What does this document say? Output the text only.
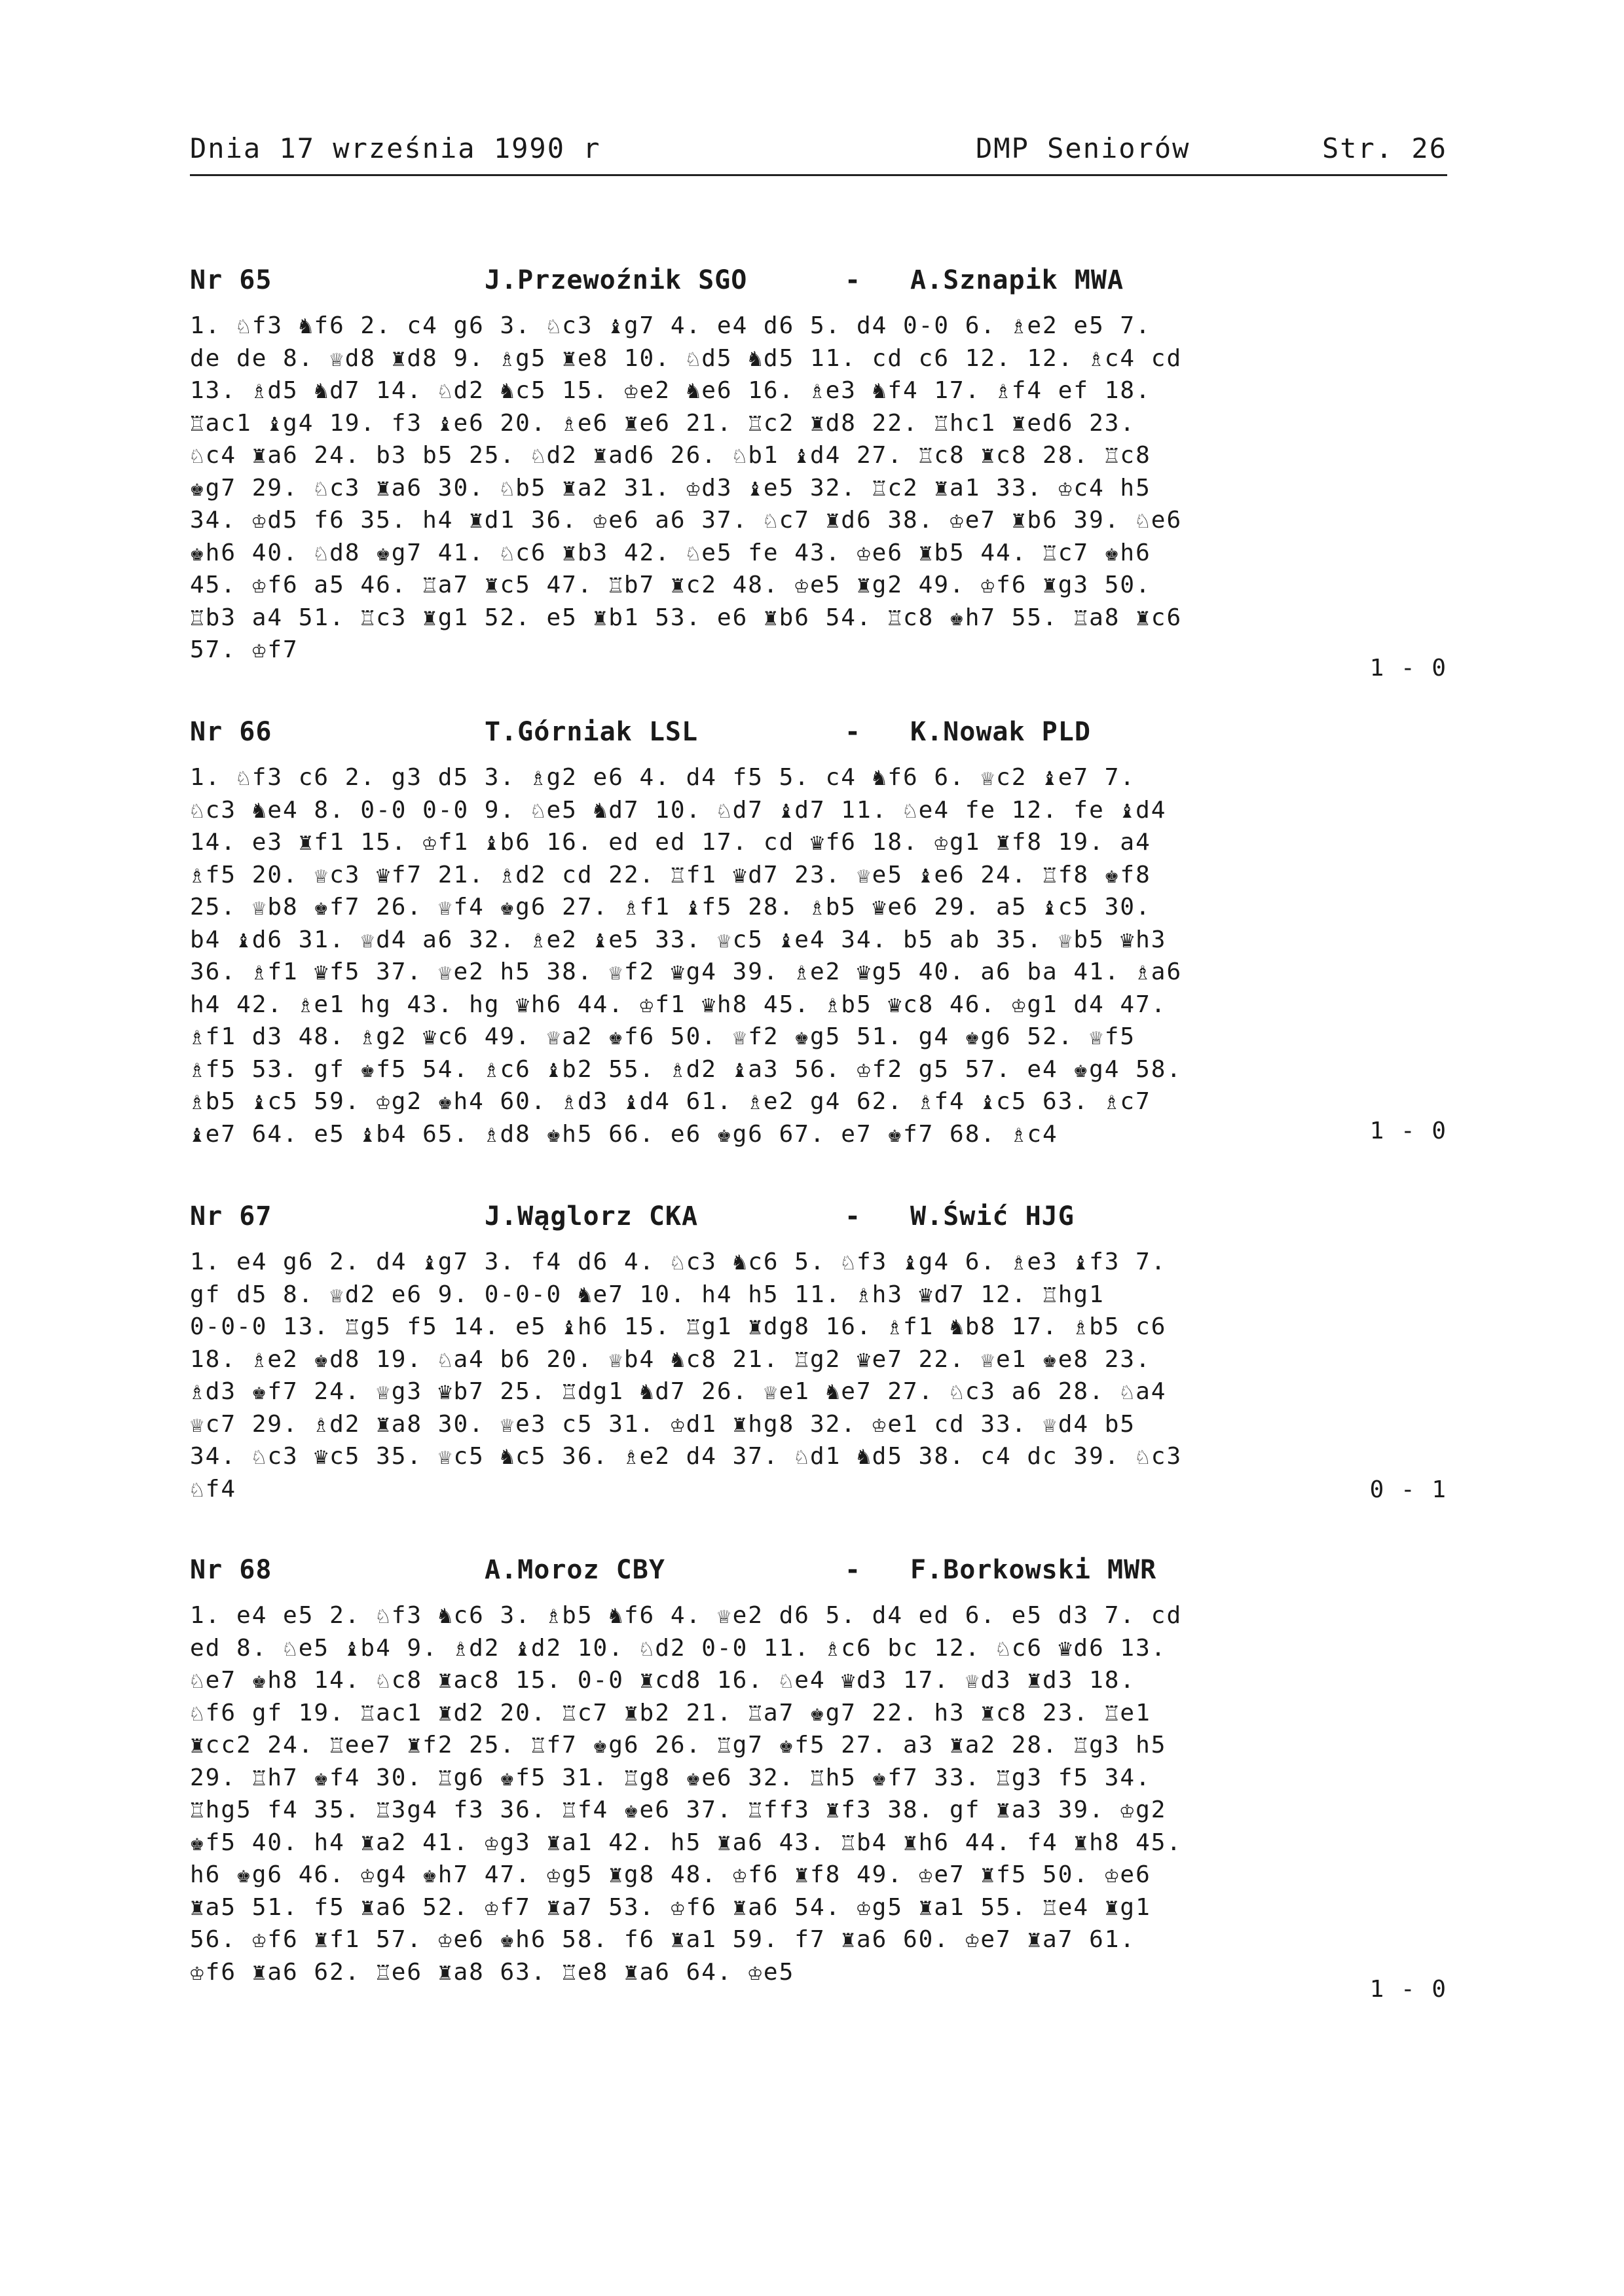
Dnia 17 września 1990 r	DMP Seniorów	Str. 26
Nr 65	J.Przewoźnik SGO	- A.Sznapik MWA
1. ♘f3 ♞f6 2. c4 g6 3. ♘c3 ♝g7 4. e4 d6 5. d4 0-0 6. ♗e2 e5 7.
de de 8. ♕d8 ♜d8 9. ♗g5 ♜e8 10. ♘d5 ♞d5 11. cd c6 12. 12. ♗c4 cd
13. ♗d5 ♞d7 14. ♘d2 ♞c5 15. ♔e2 ♞e6 16. ♗e3 ♞f4 17. ♗f4 ef 18.
♖ac1 ♝g4 19. f3 ♝e6 20. ♗e6 ♜e6 21. ♖c2 ♜d8 22. ♖hc1 ♜ed6 23.
♘c4 ♜a6 24. b3 b5 25. ♘d2 ♜ad6 26. ♘b1 ♝d4 27. ♖c8 ♜c8 28. ♖c8
♚g7 29. ♘c3 ♜a6 30. ♘b5 ♜a2 31. ♔d3 ♝e5 32. ♖c2 ♜a1 33. ♔c4 h5
34. ♔d5 f6 35. h4 ♜d1 36. ♔e6 a6 37. ♘c7 ♜d6 38. ♔e7 ♜b6 39. ♘e6
♚h6 40. ♘d8 ♚g7 41. ♘c6 ♜b3 42. ♘e5 fe 43. ♔e6 ♜b5 44. ♖c7 ♚h6
45. ♔f6 a5 46. ♖a7 ♜c5 47. ♖b7 ♜c2 48. ♔e5 ♜g2 49. ♔f6 ♜g3 50.
♖b3 a4 51. ♖c3 ♜g1 52. e5 ♜b1 53. e6 ♜b6 54. ♖c8 ♚h7 55. ♖a8 ♜c6
57. ♔f7
1 - 0
Nr 66	T.Górniak LSL	- K.Nowak PLD
1. ♘f3 c6 2. g3 d5 3. ♗g2 e6 4. d4 f5 5. c4 ♞f6 6. ♕c2 ♝e7 7.
♘c3 ♞e4 8. 0-0 0-0 9. ♘e5 ♞d7 10. ♘d7 ♝d7 11. ♘e4 fe 12. fe ♝d4
14. e3 ♜f1 15. ♔f1 ♝b6 16. ed ed 17. cd ♛f6 18. ♔g1 ♜f8 19. a4
♗f5 20. ♕c3 ♛f7 21. ♗d2 cd 22. ♖f1 ♛d7 23. ♕e5 ♝e6 24. ♖f8 ♚f8
25. ♕b8 ♚f7 26. ♕f4 ♚g6 27. ♗f1 ♝f5 28. ♗b5 ♛e6 29. a5 ♝c5 30.
b4 ♝d6 31. ♕d4 a6 32. ♗e2 ♝e5 33. ♕c5 ♝e4 34. b5 ab 35. ♕b5 ♛h3
36. ♗f1 ♛f5 37. ♕e2 h5 38. ♕f2 ♛g4 39. ♗e2 ♛g5 40. a6 ba 41. ♗a6
h4 42. ♗e1 hg 43. hg ♛h6 44. ♔f1 ♛h8 45. ♗b5 ♛c8 46. ♔g1 d4 47.
♗f1 d3 48. ♗g2 ♛c6 49. ♕a2 ♚f6 50. ♕f2 ♚g5 51. g4 ♚g6 52. ♕f5
♗f5 53. gf ♚f5 54. ♗c6 ♝b2 55. ♗d2 ♝a3 56. ♔f2 g5 57. e4 ♚g4 58.
♗b5 ♝c5 59. ♔g2 ♚h4 60. ♗d3 ♝d4 61. ♗e2 g4 62. ♗f4 ♝c5 63. ♗c7
♝e7 64. e5 ♝b4 65. ♗d8 ♚h5 66. e6 ♚g6 67. e7 ♚f7 68. ♗c4	1 - 0
Nr 67	J.Wąglorz CKA	- W.Świć HJG
1. e4 g6 2. d4 ♝g7 3. f4 d6 4. ♘c3 ♞c6 5. ♘f3 ♝g4 6. ♗e3 ♝f3 7.
gf d5 8. ♕d2 e6 9. 0-0-0 ♞e7 10. h4 h5 11. ♗h3 ♛d7 12. ♖hg1
0-0-0 13. ♖g5 f5 14. e5 ♝h6 15. ♖g1 ♜dg8 16. ♗f1 ♞b8 17. ♗b5 c6
18. ♗e2 ♚d8 19. ♘a4 b6 20. ♕b4 ♞c8 21. ♖g2 ♛e7 22. ♕e1 ♚e8 23.
♗d3 ♚f7 24. ♕g3 ♛b7 25. ♖dg1 ♞d7 26. ♕e1 ♞e7 27. ♘c3 a6 28. ♘a4
♕c7 29. ♗d2 ♜a8 30. ♕e3 c5 31. ♔d1 ♜hg8 32. ♔e1 cd 33. ♕d4 b5
34. ♘c3 ♛c5 35. ♕c5 ♞c5 36. ♗e2 d4 37. ♘d1 ♞d5 38. c4 dc 39. ♘c3
♘f4	0 - 1
Nr 68	A.Moroz CBY	- F.Borkowski MWR
1. e4 e5 2. ♘f3 ♞c6 3. ♗b5 ♞f6 4. ♕e2 d6 5. d4 ed 6. e5 d3 7. cd
ed 8. ♘e5 ♝b4 9. ♗d2 ♝d2 10. ♘d2 0-0 11. ♗c6 bc 12. ♘c6 ♛d6 13.
♘e7 ♚h8 14. ♘c8 ♜ac8 15. 0-0 ♜cd8 16. ♘e4 ♛d3 17. ♕d3 ♜d3 18.
♘f6 gf 19. ♖ac1 ♜d2 20. ♖c7 ♜b2 21. ♖a7 ♚g7 22. h3 ♜c8 23. ♖e1
♜cc2 24. ♖ee7 ♜f2 25. ♖f7 ♚g6 26. ♖g7 ♚f5 27. a3 ♜a2 28. ♖g3 h5
29. ♖h7 ♚f4 30. ♖g6 ♚f5 31. ♖g8 ♚e6 32. ♖h5 ♚f7 33. ♖g3 f5 34.
♖hg5 f4 35. ♖3g4 f3 36. ♖f4 ♚e6 37. ♖ff3 ♜f3 38. gf ♜a3 39. ♔g2
♚f5 40. h4 ♜a2 41. ♔g3 ♜a1 42. h5 ♜a6 43. ♖b4 ♜h6 44. f4 ♜h8 45.
h6 ♚g6 46. ♔g4 ♚h7 47. ♔g5 ♜g8 48. ♔f6 ♜f8 49. ♔e7 ♜f5 50. ♔e6
♜a5 51. f5 ♜a6 52. ♔f7 ♜a7 53. ♔f6 ♜a6 54. ♔g5 ♜a1 55. ♖e4 ♜g1
56. ♔f6 ♜f1 57. ♔e6 ♚h6 58. f6 ♜a1 59. f7 ♜a6 60. ♔e7 ♜a7 61.
♔f6 ♜a6 62. ♖e6 ♜a8 63. ♖e8 ♜a6 64. ♔e5
1 - 0
